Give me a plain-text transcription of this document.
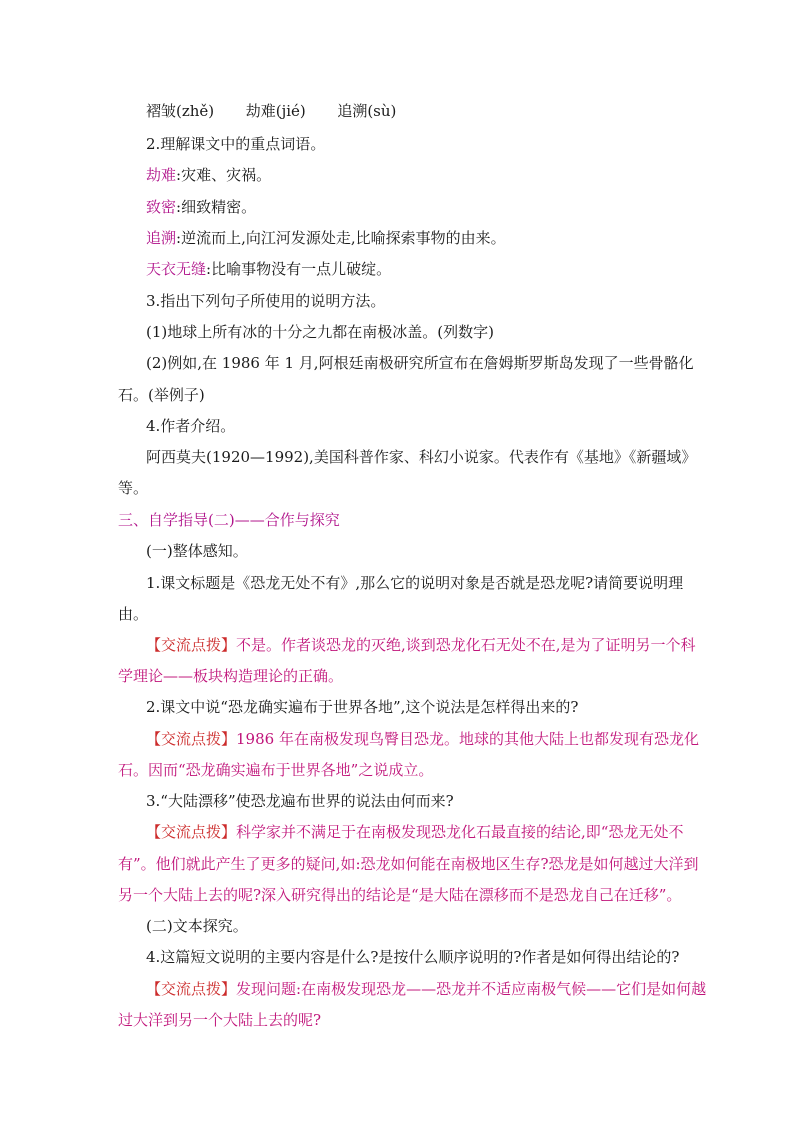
褶皱(zhě) 劫难(jié) 追溯(sù)
2.理解课文中的重点词语。
劫难:灾难、灾祸。
致密:细致精密。
追溯:逆流而上,向江河发源处走,比喻探索事物的由来。
天衣无缝:比喻事物没有一点儿破绽。
3.指出下列句子所使用的说明方法。
(1)地球上所有冰的十分之九都在南极冰盖。(列数字)
(2)例如,在 1986 年 1 月,阿根廷南极研究所宣布在詹姆斯罗斯岛发现了一些骨骼化
石。(举例子)
4.作者介绍。
阿西莫夫(1920—1992),美国科普作家、科幻小说家。代表作有《基地》《新疆域》
等。
三、自学指导(二)——合作与探究
(一)整体感知。
1.课文标题是《恐龙无处不有》,那么它的说明对象是否就是恐龙呢?请简要说明理
由。
【交流点拨】不是。作者谈恐龙的灭绝,谈到恐龙化石无处不在,是为了证明另一个科
学理论——板块构造理论的正确。
2.课文中说“恐龙确实遍布于世界各地”,这个说法是怎样得出来的?
【交流点拨】1986 年在南极发现鸟臀目恐龙。地球的其他大陆上也都发现有恐龙化
石。因而“恐龙确实遍布于世界各地”之说成立。
3.“大陆漂移”使恐龙遍布世界的说法由何而来?
【交流点拨】科学家并不满足于在南极发现恐龙化石最直接的结论,即“恐龙无处不
有”。他们就此产生了更多的疑问,如:恐龙如何能在南极地区生存?恐龙是如何越过大洋到
另一个大陆上去的呢?深入研究得出的结论是“是大陆在漂移而不是恐龙自己在迁移”。
(二)文本探究。
4.这篇短文说明的主要内容是什么?是按什么顺序说明的?作者是如何得出结论的?
【交流点拨】发现问题:在南极发现恐龙——恐龙并不适应南极气候——它们是如何越
过大洋到另一个大陆上去的呢?
